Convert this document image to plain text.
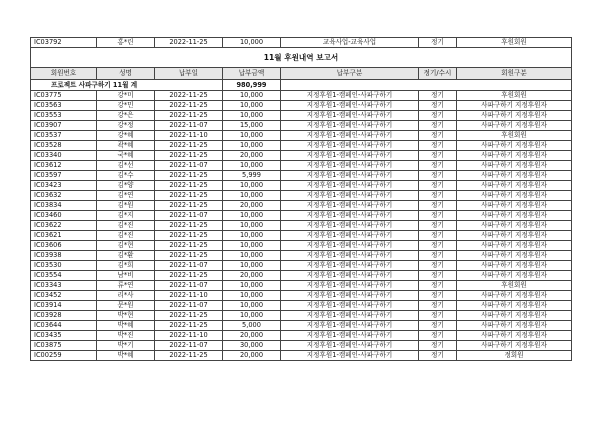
IC03792	홍*린	2022-11-25	10,000	교육사업-교육사업	정기	후원회원
11월 후원내역 보고서						
회원번호	성명	납부일	납부금액	납부구분	정기/수시	회원구분
프로젝트 사파구하기 11월 계			980,999			
IC03775	강*미	2022-11-25	10,000	지정후원1-캠페인-사파구하기	정기	후원회원
IC03563	강*민	2022-11-25	10,000	지정후원1-캠페인-사파구하기	정기	사파구하기 지정후원자
IC03553	강*은	2022-11-25	10,000	지정후원1-캠페인-사파구하기	정기	사파구하기 지정후원자
IC03907	강*정	2022-11-07	15,000	지정후원1-캠페인-사파구하기	정기	사파구하기 지정후원자
IC03537	강*혜	2022-11-10	10,000	지정후원1-캠페인-사파구하기	정기	후원회원
IC03528	곽*혜	2022-11-25	10,000	지정후원1-캠페인-사파구하기	정기	사파구하기 지정후원자
IC03340	국*혜	2022-11-25	20,000	지정후원1-캠페인-사파구하기	정기	사파구하기 지정후원자
IC03612	김*선	2022-11-07	10,000	지정후원1-캠페인-사파구하기	정기	사파구하기 지정후원자
IC03597	김*수	2022-11-25	5,999	지정후원1-캠페인-사파구하기	정기	사파구하기 지정후원자
IC03423	김*양	2022-11-25	10,000	지정후원1-캠페인-사파구하기	정기	사파구하기 지정후원자
IC03632	김*연	2022-11-25	10,000	지정후원1-캠페인-사파구하기	정기	사파구하기 지정후원자
IC03834	김*원	2022-11-25	20,000	지정후원1-캠페인-사파구하기	정기	사파구하기 지정후원자
IC03460	김*지	2022-11-07	10,000	지정후원1-캠페인-사파구하기	정기	사파구하기 지정후원자
IC03622	김*진	2022-11-25	10,000	지정후원1-캠페인-사파구하기	정기	사파구하기 지정후원자
IC03621	김*진	2022-11-25	10,000	지정후원1-캠페인-사파구하기	정기	사파구하기 지정후원자
IC03606	김*현	2022-11-25	10,000	지정후원1-캠페인-사파구하기	정기	사파구하기 지정후원자
IC03938	김*환	2022-11-25	10,000	지정후원1-캠페인-사파구하기	정기	사파구하기 지정후원자
IC03530	김*희	2022-11-07	10,000	지정후원1-캠페인-사파구하기	정기	사파구하기 지정후원자
IC03554	남*비	2022-11-25	20,000	지정후원1-캠페인-사파구하기	정기	사파구하기 지정후원자
IC03343	류*연	2022-11-07	10,000	지정후원1-캠페인-사파구하기	정기	후원회원
IC03452	리*사	2022-11-10	10,000	지정후원1-캠페인-사파구하기	정기	사파구하기 지정후원자
IC03914	문*원	2022-11-07	10,000	지정후원1-캠페인-사파구하기	정기	사파구하기 지정후원자
IC03928	박*현	2022-11-25	10,000	지정후원1-캠페인-사파구하기	정기	사파구하기 지정후원자
IC03644	박*혜	2022-11-25	5,000	지정후원1-캠페인-사파구하기	정기	사파구하기 지정후원자
IC03435	박*진	2022-11-10	20,000	지정후원1-캠페인-사파구하기	정기	사파구하기 지정후원자
IC03875	박*기	2022-11-07	30,000	지정후원1-캠페인-사파구하기	정기	사파구하기 지정후원자
IC00259	박*혜	2022-11-25	20,000	지정후원1-캠페인-사파구하기	정기	정회원
